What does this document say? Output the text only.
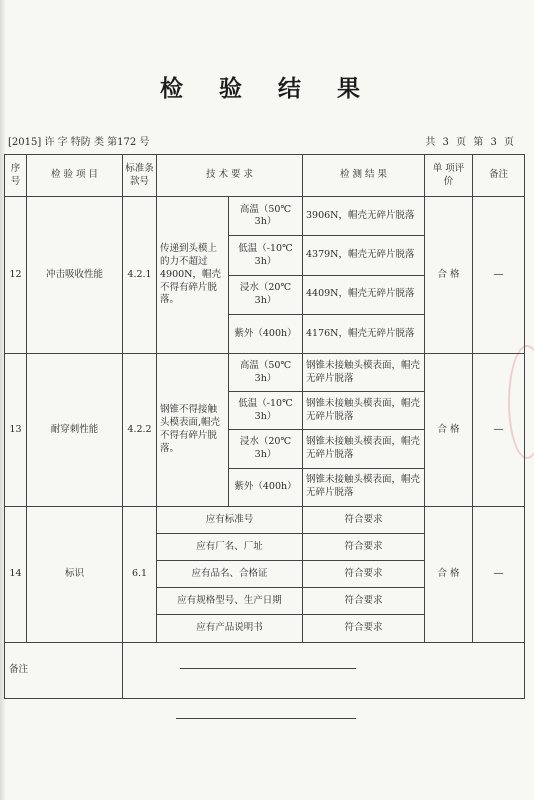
检 验 结 果
[2015] 许 字 特防 类 第172 号	共 3 页 第 3 页
序号	检 验 项 目	标准条款号	技 术 要 求		检 测 结 果	单 项评 价	备注
12	冲击吸收性能	4.2.1	传递到头模上的力不超过4900N，帽壳不得有碎片脱落。	高温（50℃ 3h）	3906N，帽壳无碎片脱落	合 格	—
				低温（-10℃ 3h）	4379N，帽壳无碎片脱落		
				浸水（20℃ 3h）	4409N，帽壳无碎片脱落		
				紫外（400h）	4176N，帽壳无碎片脱落		
13	耐穿刺性能	4.2.2	钢锥不得接触头模表面,帽壳不得有碎片脱落。	高温（50℃ 3h）	钢锥未接触头模表面，帽壳无碎片脱落	合 格	—
				低温（-10℃ 3h）	钢锥未接触头模表面，帽壳无碎片脱落		
				浸水（20℃ 3h）	钢锥未接触头模表面，帽壳无碎片脱落		
				紫外（400h）	钢锥未接触头模表面，帽壳无碎片脱落		
14	标识	6.1	应有标准号		符合要求	合 格	—
			应有厂名、厂址		符合要求		
			应有品名、合格证		符合要求		
			应有规格型号、生产日期		符合要求		
			应有产品说明书		符合要求		
备注							
